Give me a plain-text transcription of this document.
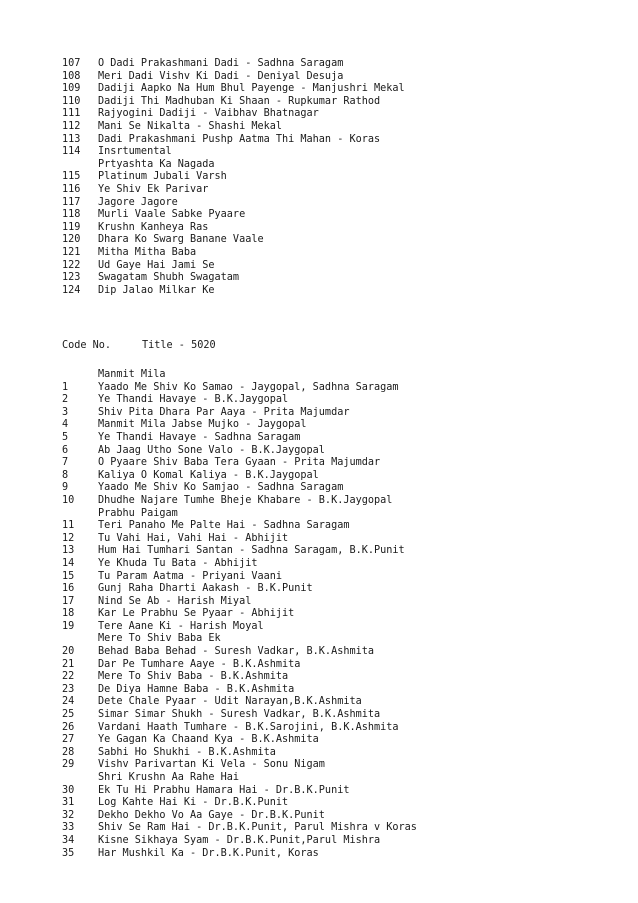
107	O Dadi Prakashmani Dadi - Sadhna Saragam
108	Meri Dadi Vishv Ki Dadi - Deniyal Desuja
109	Dadiji Aapko Na Hum Bhul Payenge - Manjushri Mekal
110	Dadiji Thi Madhuban Ki Shaan - Rupkumar Rathod
111	Rajyogini Dadiji - Vaibhav Bhatnagar
112	Mani Se Nikalta - Shashi Mekal
113	Dadi Prakashmani Pushp Aatma Thi Mahan - Koras
114	Insrtumental
Prtyashta Ka Nagada
115	Platinum Jubali Varsh
116	Ye Shiv Ek Parivar
117	Jagore Jagore
118	Murli Vaale Sabke Pyaare
119	Krushn Kanheya Ras
120	Dhara Ko Swarg Banane Vaale
121	Mitha Mitha Baba
122	Ud Gaye Hai Jami Se
123	Swagatam Shubh Swagatam
124	Dip Jalao Milkar Ke
Code No.	Title - 5020
Manmit Mila
1	Yaado Me Shiv Ko Samao - Jaygopal, Sadhna Saragam
2	Ye Thandi Havaye - B.K.Jaygopal
3	Shiv Pita Dhara Par Aaya - Prita Majumdar
4	Manmit Mila Jabse Mujko - Jaygopal
5	Ye Thandi Havaye - Sadhna Saragam
6	Ab Jaag Utho Sone Valo - B.K.Jaygopal
7	O Pyaare Shiv Baba Tera Gyaan - Prita Majumdar
8	Kaliya O Komal Kaliya - B.K.Jaygopal
9	Yaado Me Shiv Ko Samjao - Sadhna Saragam
10	Dhudhe Najare Tumhe Bheje Khabare - B.K.Jaygopal
Prabhu Paigam
11	Teri Panaho Me Palte Hai - Sadhna Saragam
12	Tu Vahi Hai, Vahi Hai - Abhijit
13	Hum Hai Tumhari Santan - Sadhna Saragam, B.K.Punit
14	Ye Khuda Tu Bata - Abhijit
15	Tu Param Aatma - Priyani Vaani
16	Gunj Raha Dharti Aakash - B.K.Punit
17	Nind Se Ab - Harish Miyal
18	Kar Le Prabhu Se Pyaar - Abhijit
19	Tere Aane Ki - Harish Moyal
Mere To Shiv Baba Ek
20	Behad Baba Behad - Suresh Vadkar, B.K.Ashmita
21	Dar Pe Tumhare Aaye - B.K.Ashmita
22	Mere To Shiv Baba - B.K.Ashmita
23	De Diya Hamne Baba - B.K.Ashmita
24	Dete Chale Pyaar - Udit Narayan,B.K.Ashmita
25	Simar Simar Shukh - Suresh Vadkar, B.K.Ashmita
26	Vardani Haath Tumhare - B.K.Sarojini, B.K.Ashmita
27	Ye Gagan Ka Chaand Kya - B.K.Ashmita
28	Sabhi Ho Shukhi - B.K.Ashmita
29	Vishv Parivartan Ki Vela - Sonu Nigam
Shri Krushn Aa Rahe Hai
30	Ek Tu Hi Prabhu Hamara Hai - Dr.B.K.Punit
31	Log Kahte Hai Ki - Dr.B.K.Punit
32	Dekho Dekho Vo Aa Gaye - Dr.B.K.Punit
33	Shiv Se Ram Hai - Dr.B.K.Punit, Parul Mishra v Koras
34	Kisne Sikhaya Syam - Dr.B.K.Punit,Parul Mishra
35	Har Mushkil Ka - Dr.B.K.Punit, Koras
